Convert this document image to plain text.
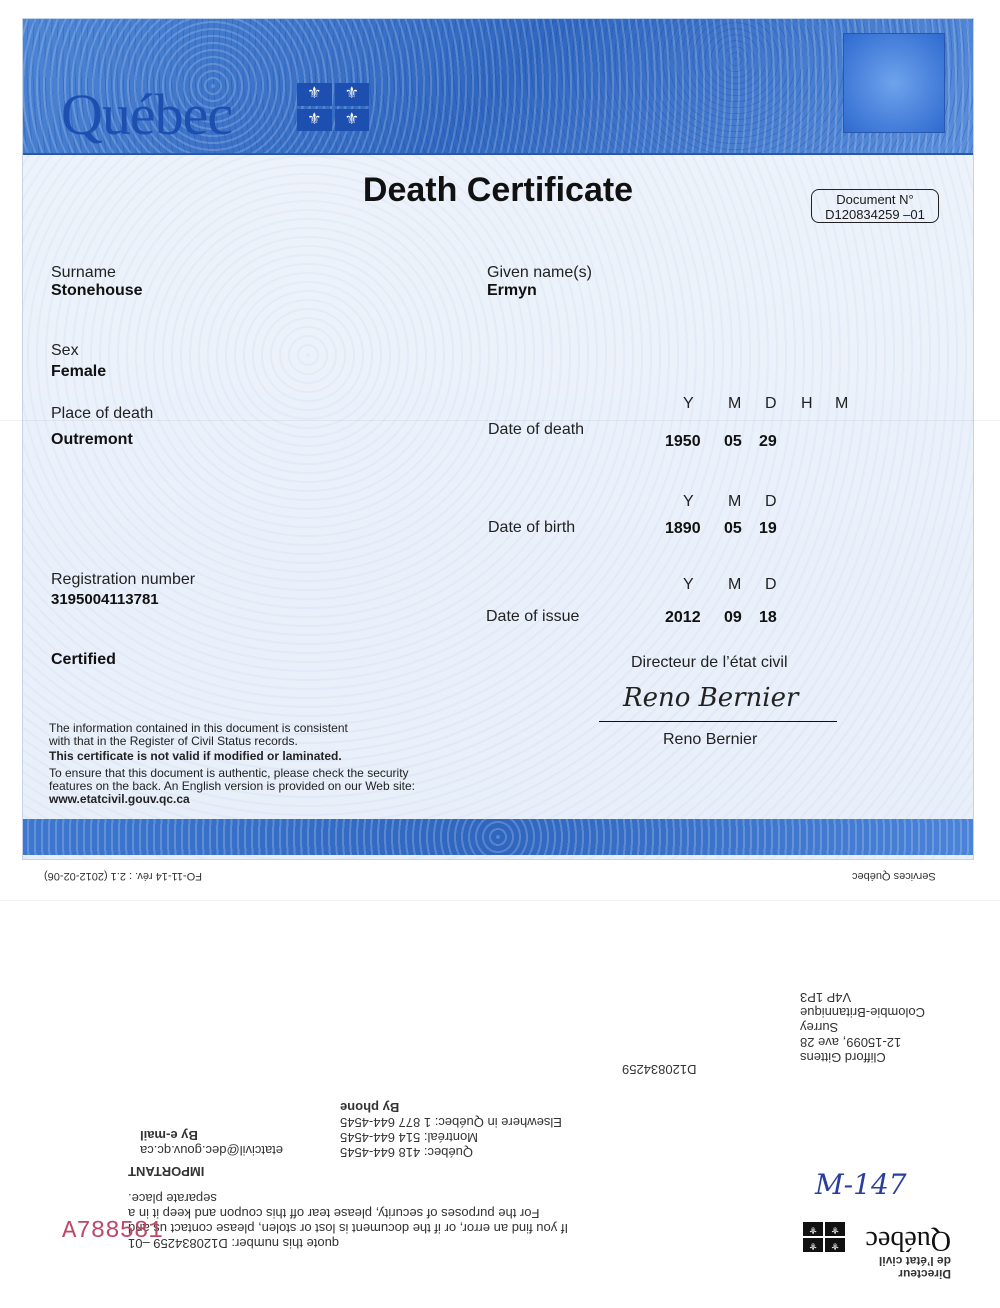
Québec	⚜	⚜
⚜	⚜
Death Certificate	Document N°
D120834259 –01
Surname
Stonehouse
Sex
Female
Place of death
Outremont
Registration number
3195004113781
Certified
Given name(s)
Ermyn
Y M D H M
Date of death
1950 05 29
Y M D
Date of birth	1890 05 19
Y M D
Date of issue	2012 09 18
Directeur de l’état civil
Reno Bernier
Reno Bernier
The information contained in this document is consistent
with that in the Register of Civil Status records.
This certificate is not valid if modified or laminated.
To ensure that this document is authentic, please check the security
features on the back. An English version is provided on our Web site:
www.etatcivil.gouv.qc.ca
FO-11-14 rév. : 2.1 (2012-02-06)	Services Québec
Clifford Gittens
12-15099, ave 28
Surrey
Colombie-Britannique
V4P 1P3
D120834259
Québec: 418 644-4545
Montréal: 514 644-4545
Elsewhere in Québec: 1 877 644-4545
By phone
etatcivil@dec.gouv.qc.ca
By e-mail
quote this number: D120834259 –01
If you find an error, or if the document is lost or stolen, please contact us and
For the purposes of security, please tear off this coupon and keep it in a separate place.
IMPORTANT
A788581
M-147
Directeur
de l’état civil
Québec
⚜
⚜
⚜
⚜
